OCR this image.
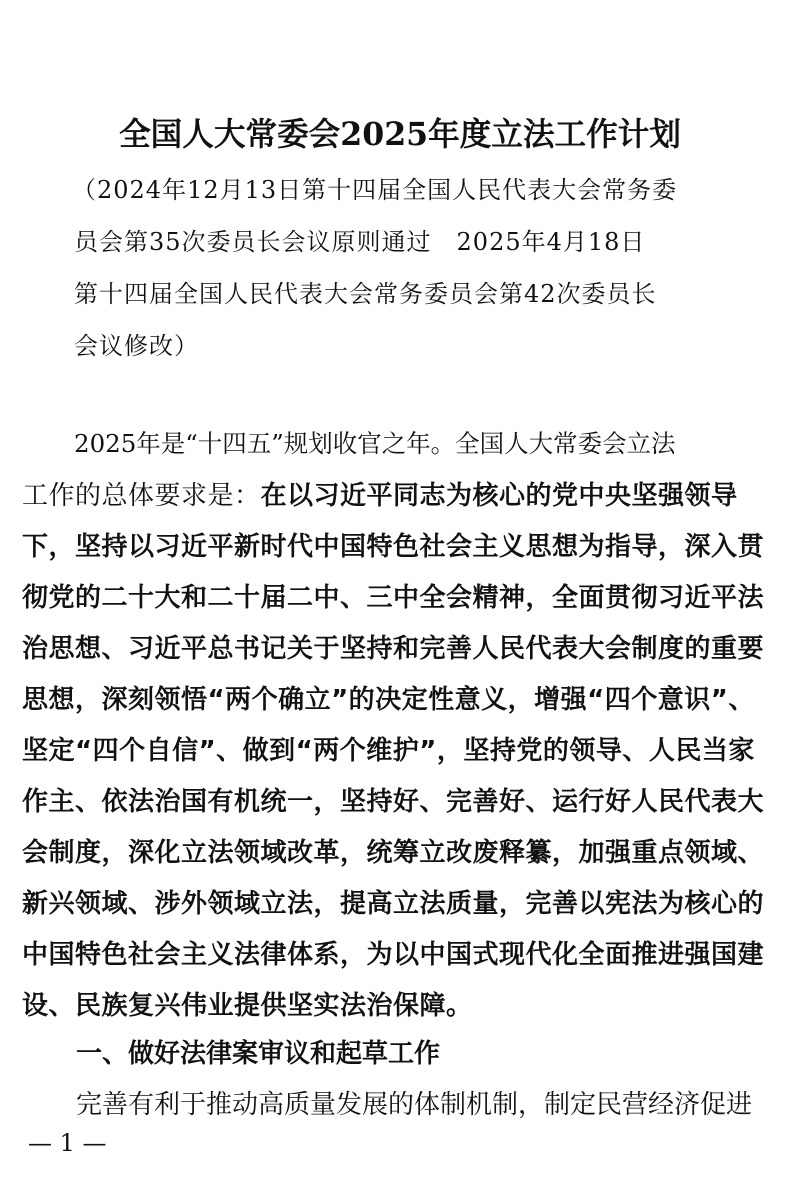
全国人大常委会2025年度立法工作计划
（2024年12月13日第十四届全国人民代表大会常务委
员会第35次委员长会议原则通过　2025年4月18日
第十四届全国人民代表大会常务委员会第42次委员长
会议修改）
2025年是“十四五”规划收官之年。全国人大常委会立法
工作的总体要求是：在以习近平同志为核心的党中央坚强领导
下，坚持以习近平新时代中国特色社会主义思想为指导，深入贯
彻党的二十大和二十届二中、三中全会精神，全面贯彻习近平法
治思想、习近平总书记关于坚持和完善人民代表大会制度的重要
思想，深刻领悟“两个确立”的决定性意义，增强“四个意识”、
坚定“四个自信”、做到“两个维护”，坚持党的领导、人民当家
作主、依法治国有机统一，坚持好、完善好、运行好人民代表大
会制度，深化立法领域改革，统筹立改废释纂，加强重点领域、
新兴领域、涉外领域立法，提高立法质量，完善以宪法为核心的
中国特色社会主义法律体系，为以中国式现代化全面推进强国建
设、民族复兴伟业提供坚实法治保障。
一、做好法律案审议和起草工作
完善有利于推动高质量发展的体制机制，制定民营经济促进
— 1 —
